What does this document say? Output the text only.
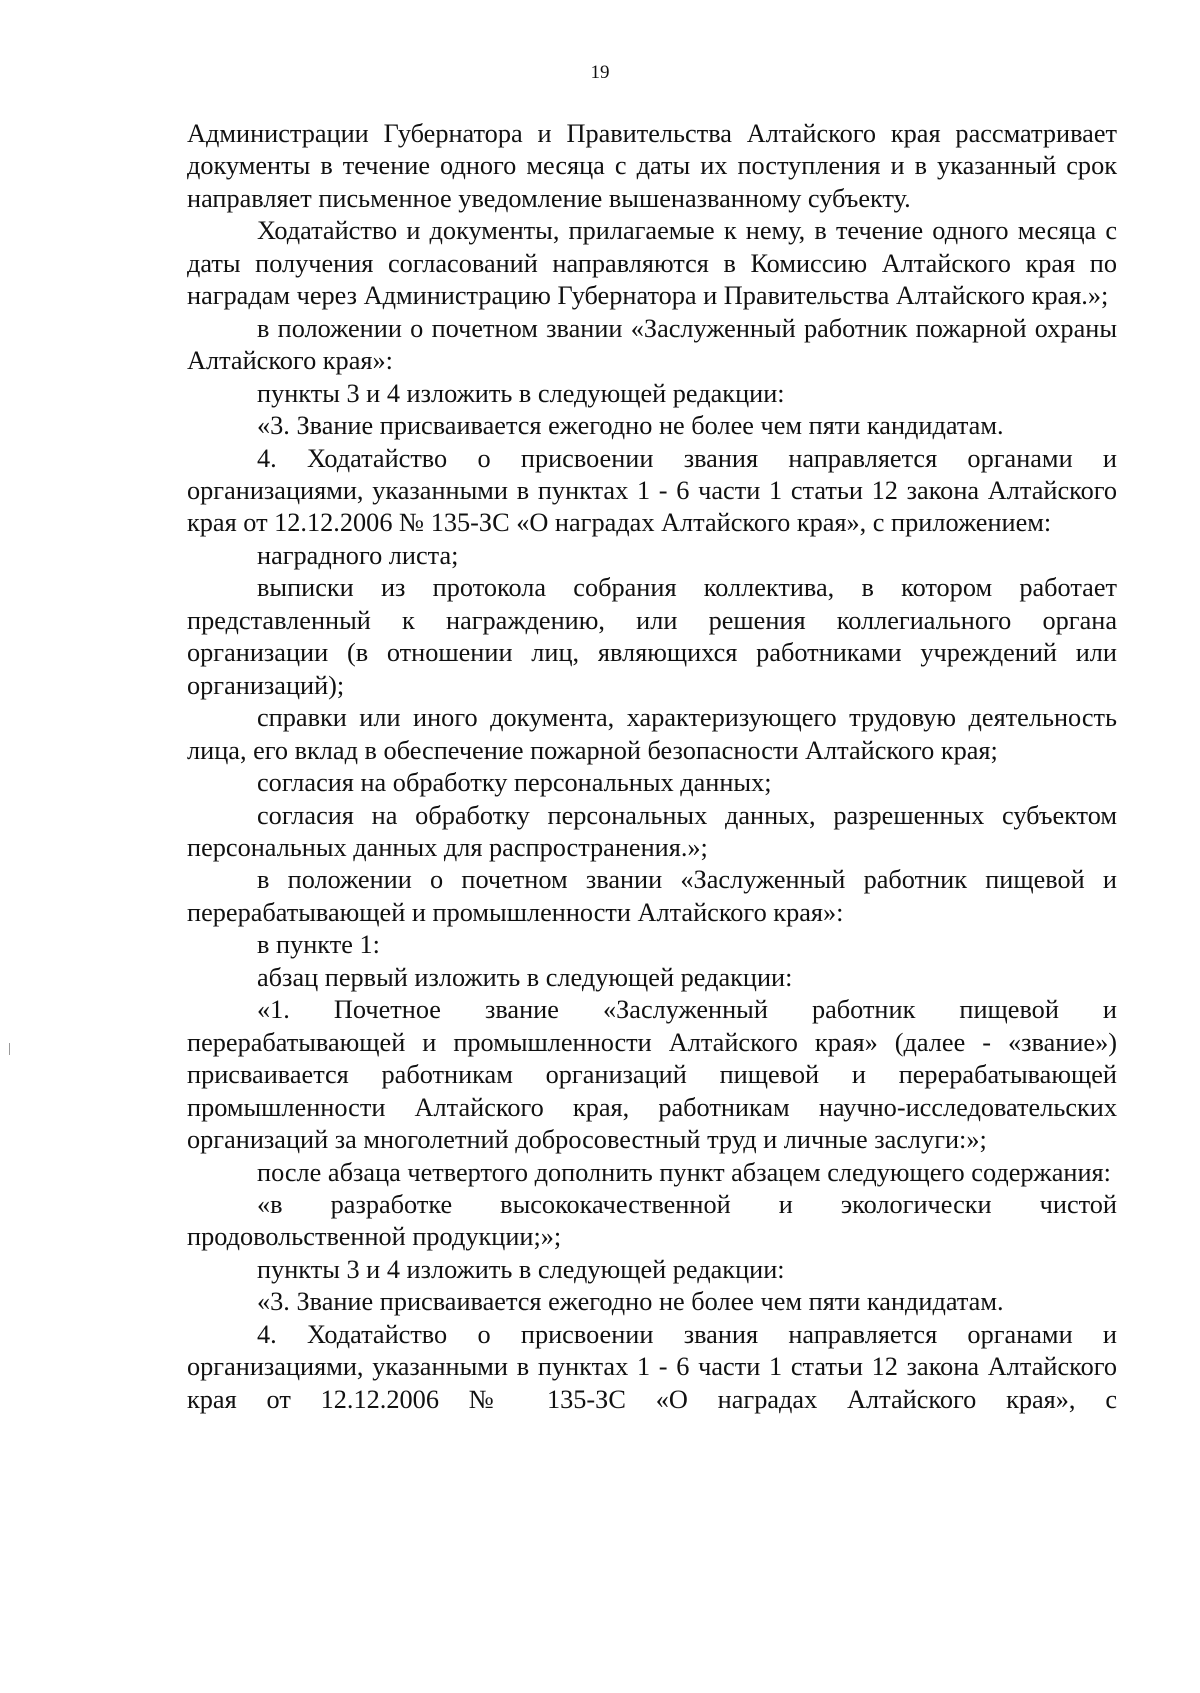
19
Администрации Губернатора и Правительства Алтайского края рассматривает документы в течение одного месяца с даты их поступления и в указанный срок направляет письменное уведомление вышеназванному субъекту.
Ходатайство и документы, прилагаемые к нему, в течение одного месяца с даты получения согласований направляются в Комиссию Алтайского края по наградам через Администрацию Губернатора и Правительства Алтайского края.»;
в положении о почетном звании «Заслуженный работник пожарной охраны Алтайского края»:
пункты 3 и 4 изложить в следующей редакции:
«3. Звание присваивается ежегодно не более чем пяти кандидатам.
4. Ходатайство о присвоении звания направляется органами и организациями, указанными в пунктах 1 - 6 части 1 статьи 12 закона Алтайского края от 12.12.2006 № 135-ЗС «О наградах Алтайского края», с приложением:
наградного листа;
выписки из протокола собрания коллектива, в котором работает представленный к награждению, или решения коллегиального органа организации (в отношении лиц, являющихся работниками учреждений или организаций);
справки или иного документа, характеризующего трудовую деятельность лица, его вклад в обеспечение пожарной безопасности Алтайского края;
согласия на обработку персональных данных;
согласия на обработку персональных данных, разрешенных субъектом персональных данных для распространения.»;
в положении о почетном звании «Заслуженный работник пищевой и перерабатывающей и промышленности Алтайского края»:
в пункте 1:
абзац первый изложить в следующей редакции:
«1. Почетное звание «Заслуженный работник пищевой и перерабатывающей и промышленности Алтайского края» (далее - «звание») присваивается работникам организаций пищевой и перерабатывающей промышленности Алтайского края, работникам научно-исследовательских организаций за многолетний добросовестный труд и личные заслуги:»;
после абзаца четвертого дополнить пункт абзацем следующего содержания:
«в разработке высококачественной и экологически чистой продовольственной продукции;»;
пункты 3 и 4 изложить в следующей редакции:
«3. Звание присваивается ежегодно не более чем пяти кандидатам.
4. Ходатайство о присвоении звания направляется органами и организациями, указанными в пунктах 1 - 6 части 1 статьи 12 закона Алтайского края от 12.12.2006 № 135-ЗС «О наградах Алтайского края», с
